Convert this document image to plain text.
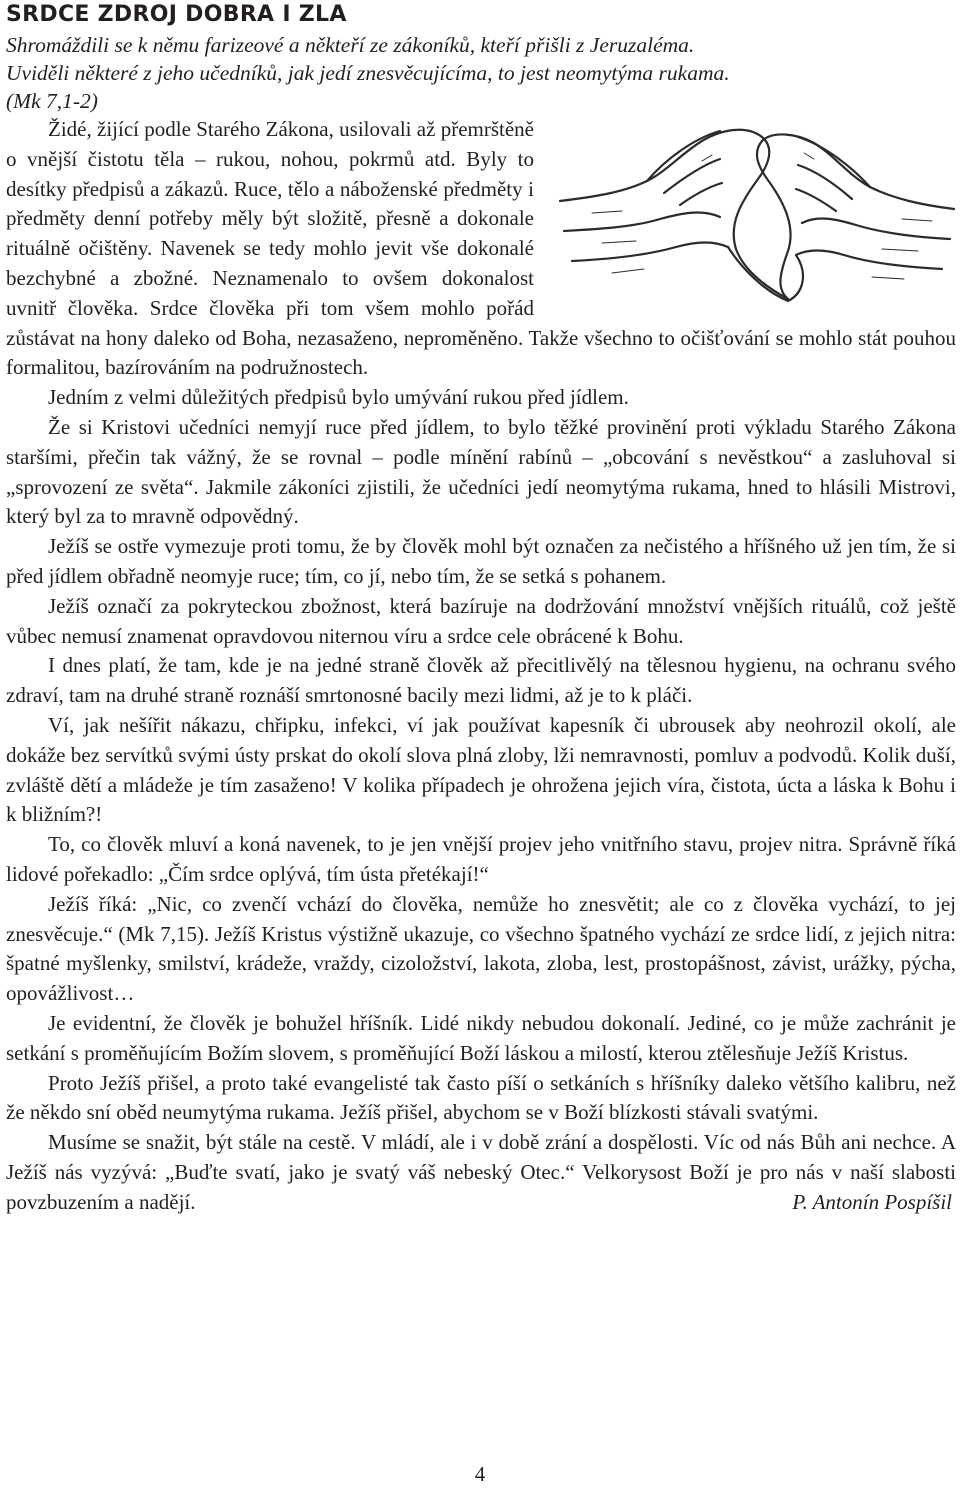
SRDCE ZDROJ DOBRA I ZLA
Shromáždili se k němu farizeové a někteří ze zákoníků, kteří přišli z Jeruzaléma.
Uviděli některé z jeho učedníků, jak jedí znesvěcujícíma, to jest neomytýma rukama.
(Mk 7,1-2)

Židé, žijící podle Starého Zákona, usilovali až přemrštěně o vnější čistotu těla – rukou, nohou, pokrmů atd. Byly to desítky předpisů a zákazů. Ruce, tělo a náboženské předměty i předměty denní potřeby měly být složitě, přesně a dokonale rituálně očištěny. Navenek se tedy mohlo jevit vše dokonalé bezchybné a zbožné. Neznamenalo to ovšem dokonalost uvnitř člověka. Srdce člověka při tom všem mohlo pořád zůstávat na hony daleko od Boha, nezasaženo, neproměněno. Takže všechno to očišťování se mohlo stát pouhou formalitou, bazírováním na podružnostech.

Jedním z velmi důležitých předpisů bylo umývání rukou před jídlem.

Že si Kristovi učedníci nemyjí ruce před jídlem, to bylo těžké provinění proti výkladu Starého Zákona staršími, přečin tak vážný, že se rovnal – podle mínění rabínů – „obcování s nevěstkou“ a zasluhoval si „sprovození ze světa“. Jakmile zákoníci zjistili, že učedníci jedí neomytýma rukama, hned to hlásili Mistrovi, který byl za to mravně odpovědný.

Ježíš se ostře vymezuje proti tomu, že by člověk mohl být označen za nečistého a hříšného už jen tím, že si před jídlem obřadně neomyje ruce; tím, co jí, nebo tím, že se setká s pohanem.

Ježíš označí za pokryteckou zbožnost, která bazíruje na dodržování množství vnějších rituálů, což ještě vůbec nemusí znamenat opravdovou niternou víru a srdce cele obrácené k Bohu.

I dnes platí, že tam, kde je na jedné straně člověk až přecitlivělý na tělesnou hygienu, na ochranu svého zdraví, tam na druhé straně roznáší smrtonosné bacily mezi lidmi, až je to k pláči.

Ví, jak nešířit nákazu, chřipku, infekci, ví jak používat kapesník či ubrousek aby neohrozil okolí, ale dokáže bez servítků svými ústy prskat do okolí slova plná zloby, lži nemravnosti, pomluv a podvodů. Kolik duší, zvláště dětí a mládeže je tím zasaženo! V kolika případech je ohrožena jejich víra, čistota, úcta a láska k Bohu i k bližním?!

To, co člověk mluví a koná navenek, to je jen vnější projev jeho vnitřního stavu, projev nitra. Správně říká lidové pořekadlo: „Čím srdce oplývá, tím ústa přetékají!“

Ježíš říká: „Nic, co zvenčí vchází do člověka, nemůže ho znesvětit; ale co z člověka vychází, to jej znesvěcuje.“ (Mk 7,15). Ježíš Kristus výstižně ukazuje, co všechno špatného vychází ze srdce lidí, z jejich nitra: špatné myšlenky, smilství, krádeže, vraždy, cizoložství, lakota, zloba, lest, prostopášnost, závist, urážky, pýcha, opovážlivost…

Je evidentní, že člověk je bohužel hříšník. Lidé nikdy nebudou dokonalí. Jediné, co je může zachránit je setkání s proměňujícím Božím slovem, s proměňující Boží láskou a milostí, kterou ztělesňuje Ježíš Kristus.

Proto Ježíš přišel, a proto také evangelisté tak často píší o setkáních s hříšníky daleko většího kalibru, než že někdo sní oběd neumytýma rukama. Ježíš přišel, abychom se v Boží blízkosti stávali svatými.

Musíme se snažit, být stále na cestě. V mládí, ale i v době zrání a dospělosti. Víc od nás Bůh ani nechce. A Ježíš nás vyzývá: „Buďte svatí, jako je svatý váš nebeský Otec.“ Velkorysost Boží je pro nás v naší slabosti povzbuzením a nadějí.	P. Antonín Pospíšil

4
